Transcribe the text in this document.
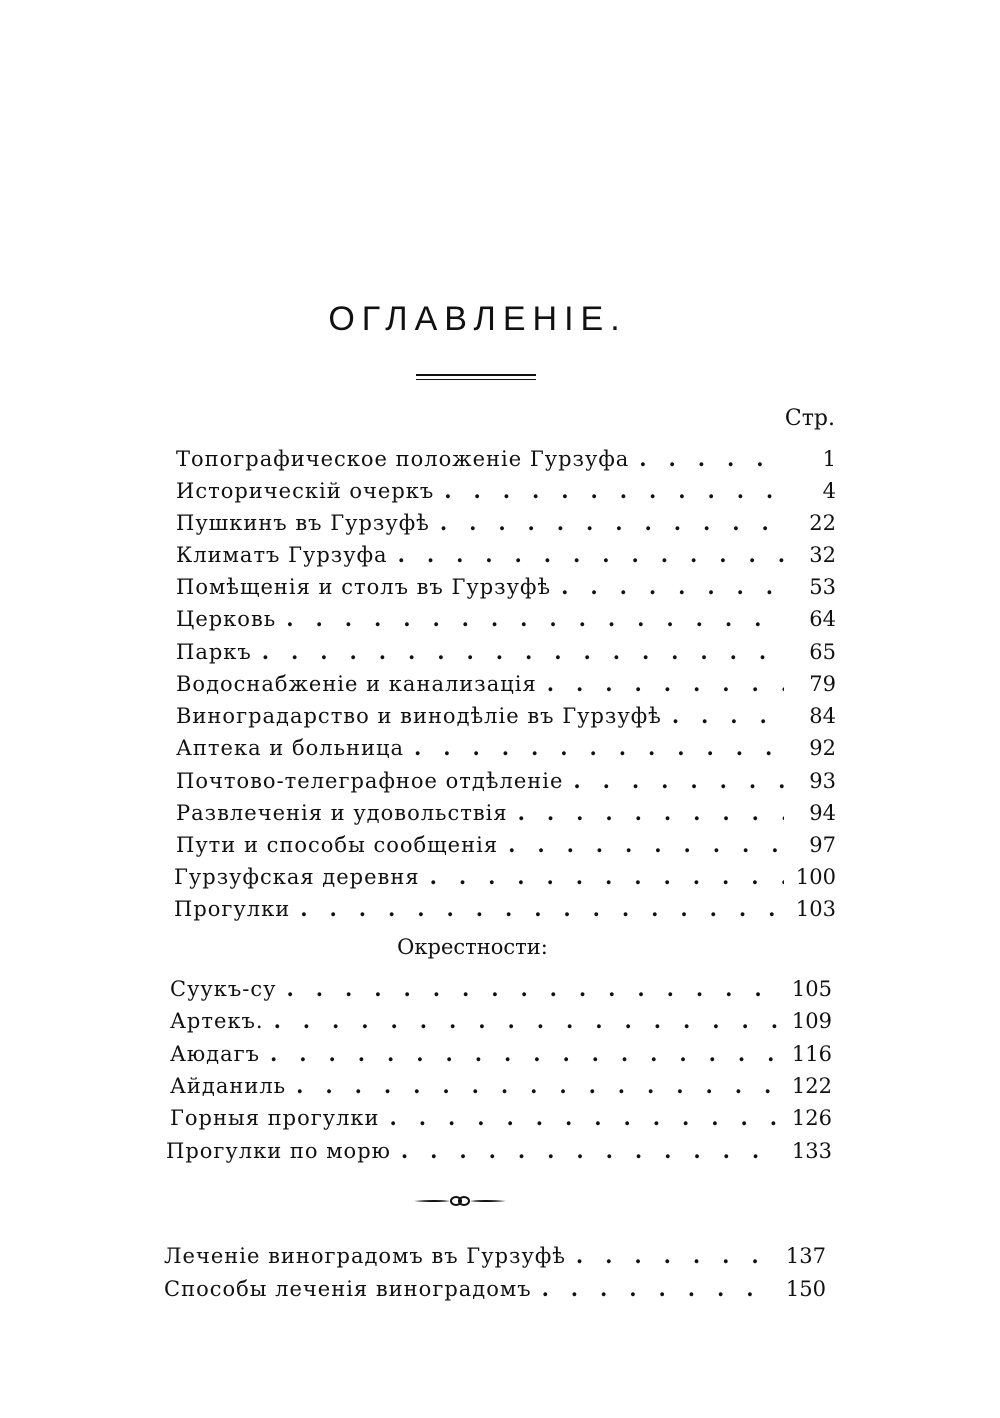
ОГЛАВЛЕНIЕ.
Стр.
Топографическое положенiе Гурзуфа .   .	1
Историческiй очеркъ .   .	4
Пушкинъ въ Гурзуфѣ .   .	22
Климатъ Гурзуфа .   .	32
Помѣщенiя и столъ въ Гурзуфѣ .   .	53
Церковь .   .	64
Паркъ .   .	65
Водоснабженiе и канализацiя .   .	79
Виноградарство и винодѣлiе въ Гурзуфѣ .   .	84
Аптека и больница .   .	92
Почтово-телеграфное отдѣленiе .   .	93
Развлеченiя и удовольствiя .   .	94
Пути и способы сообщенiя .   .	97
Гурзуфская деревня .   .	100
Прогулки .   .	103
Окрестности:
Суукъ-су .   .	105
Артекъ. .   .	109
Аюдагъ .   .	116
Айданиль .   .	122
Горныя прогулки .   .	126
Прогулки по морю .   .	133
Леченiе виноградомъ въ Гурзуфѣ .   .	137
Способы леченiя виноградомъ .   .	150
